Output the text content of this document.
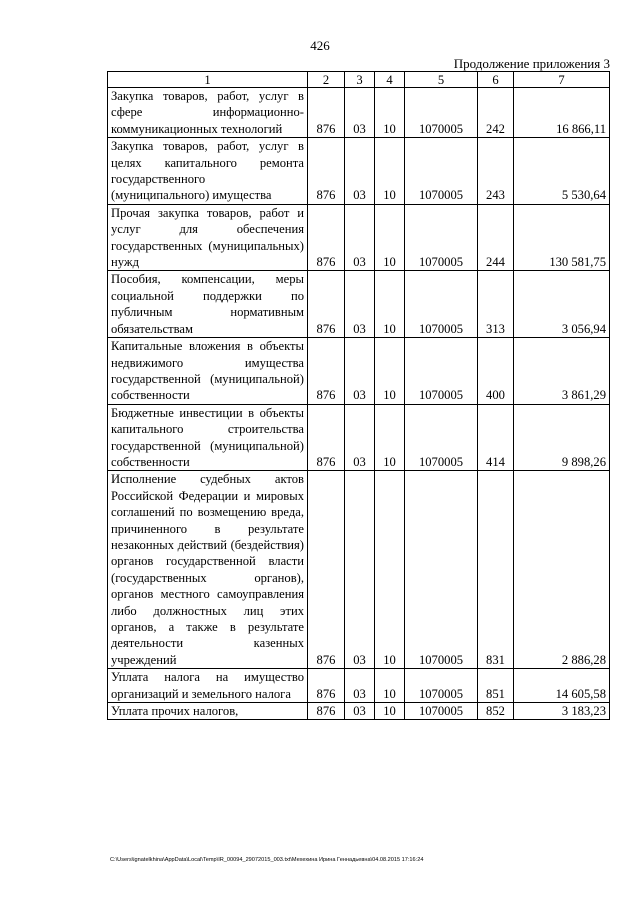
426
Продолжение приложения 3
1	2	3	4	5	6	7
Закупка товаров, работ, услуг в сфере информационно-коммуникационных технологий	876	03	10	1070005	242	16 866,11
Закупка товаров, работ, услуг в целях капитального ремонта государственного (муниципального) имущества	876	03	10	1070005	243	5 530,64
Прочая закупка товаров, работ и услуг для обеспечения государственных (муниципальных) нужд	876	03	10	1070005	244	130 581,75
Пособия, компенсации, меры социальной поддержки по публичным нормативным обязательствам	876	03	10	1070005	313	3 056,94
Капитальные вложения в объекты недвижимого имущества государственной (муниципальной) собственности	876	03	10	1070005	400	3 861,29
Бюджетные инвестиции в объекты капитального строительства государственной (муниципальной) собственности	876	03	10	1070005	414	9 898,26
Исполнение судебных актов Российской Федерации и мировых соглашений по возмещению вреда, причиненного в результате незаконных действий (бездействия) органов государственной власти (государственных органов), органов местного самоуправления либо должностных лиц этих органов, а также в результате деятельности казенных учреждений	876	03	10	1070005	831	2 886,28
Уплата налога на имущество организаций и земельного налога	876	03	10	1070005	851	14 605,58
Уплата прочих налогов,	876	03	10	1070005	852	3 183,23
C:\Users\ignatelkhina\AppData\Local\Temp\IR_00094_29072015_003.txt\Мехехина Ирина Геннадьевна\04.08.2015 17:16:24
